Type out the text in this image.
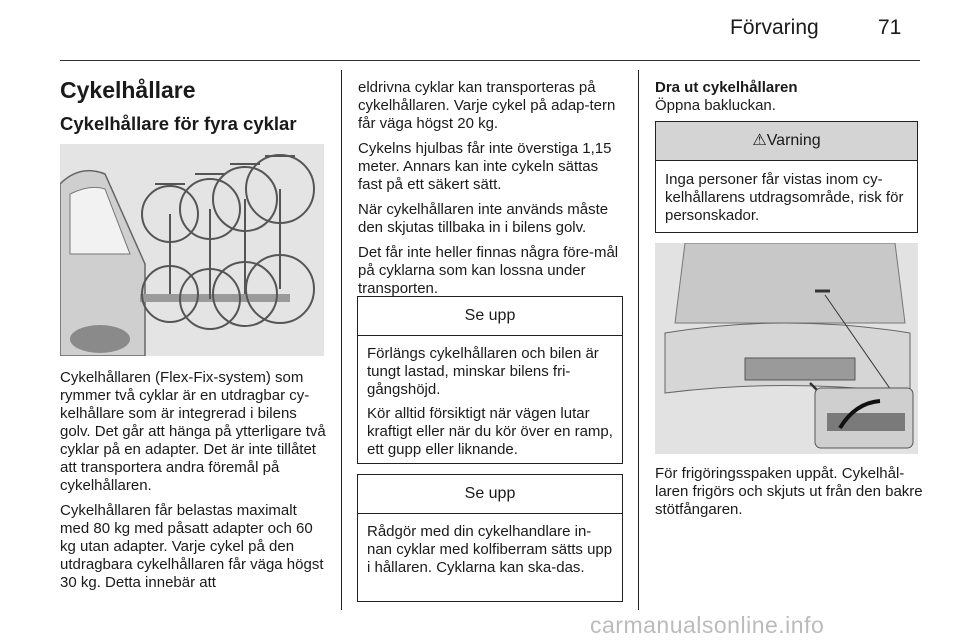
Förvaring	71
Cykelhållare
Cykelhållare för fyra cyklar

Cykelhållaren (Flex-Fix-system) som rymmer två cyklar är en utdragbar cy-kelhållare som är integrerad i bilens golv. Det går att hänga på ytterligare två cyklar på en adapter. Det är inte tillåtet att transportera andra föremål på cykelhållaren.

Cykelhållaren får belastas maximalt med 80 kg med påsatt adapter och 60 kg utan adapter. Varje cykel på den utdragbara cykelhållaren får väga högst 30 kg. Detta innebär att

eldrivna cyklar kan transporteras på cykelhållaren. Varje cykel på adap-tern får väga högst 20 kg.

Cykelns hjulbas får inte överstiga 1,15 meter. Annars kan inte cykeln sättas fast på ett säkert sätt.

När cykelhållaren inte används måste den skjutas tillbaka in i bilens golv.

Det får inte heller finnas några före-mål på cyklarna som kan lossna under transporten.

Se upp

Förlängs cykelhållaren och bilen är tungt lastad, minskar bilens fri-gångshöjd.

Kör alltid försiktigt när vägen lutar kraftigt eller när du kör över en ramp, ett gupp eller liknande.

Se upp

Rådgör med din cykelhandlare in-nan cyklar med kolfiberram sätts upp i hållaren. Cyklarna kan ska-das.

Dra ut cykelhållaren
Öppna bakluckan.
⚠ Varning

Inga personer får vistas inom cy-kelhållarens utdragsområde, risk för personskador.

För frigöringsspaken uppåt. Cykelhål-laren frigörs och skjuts ut från den bakre stötfångaren.

carmanualsonline.info
